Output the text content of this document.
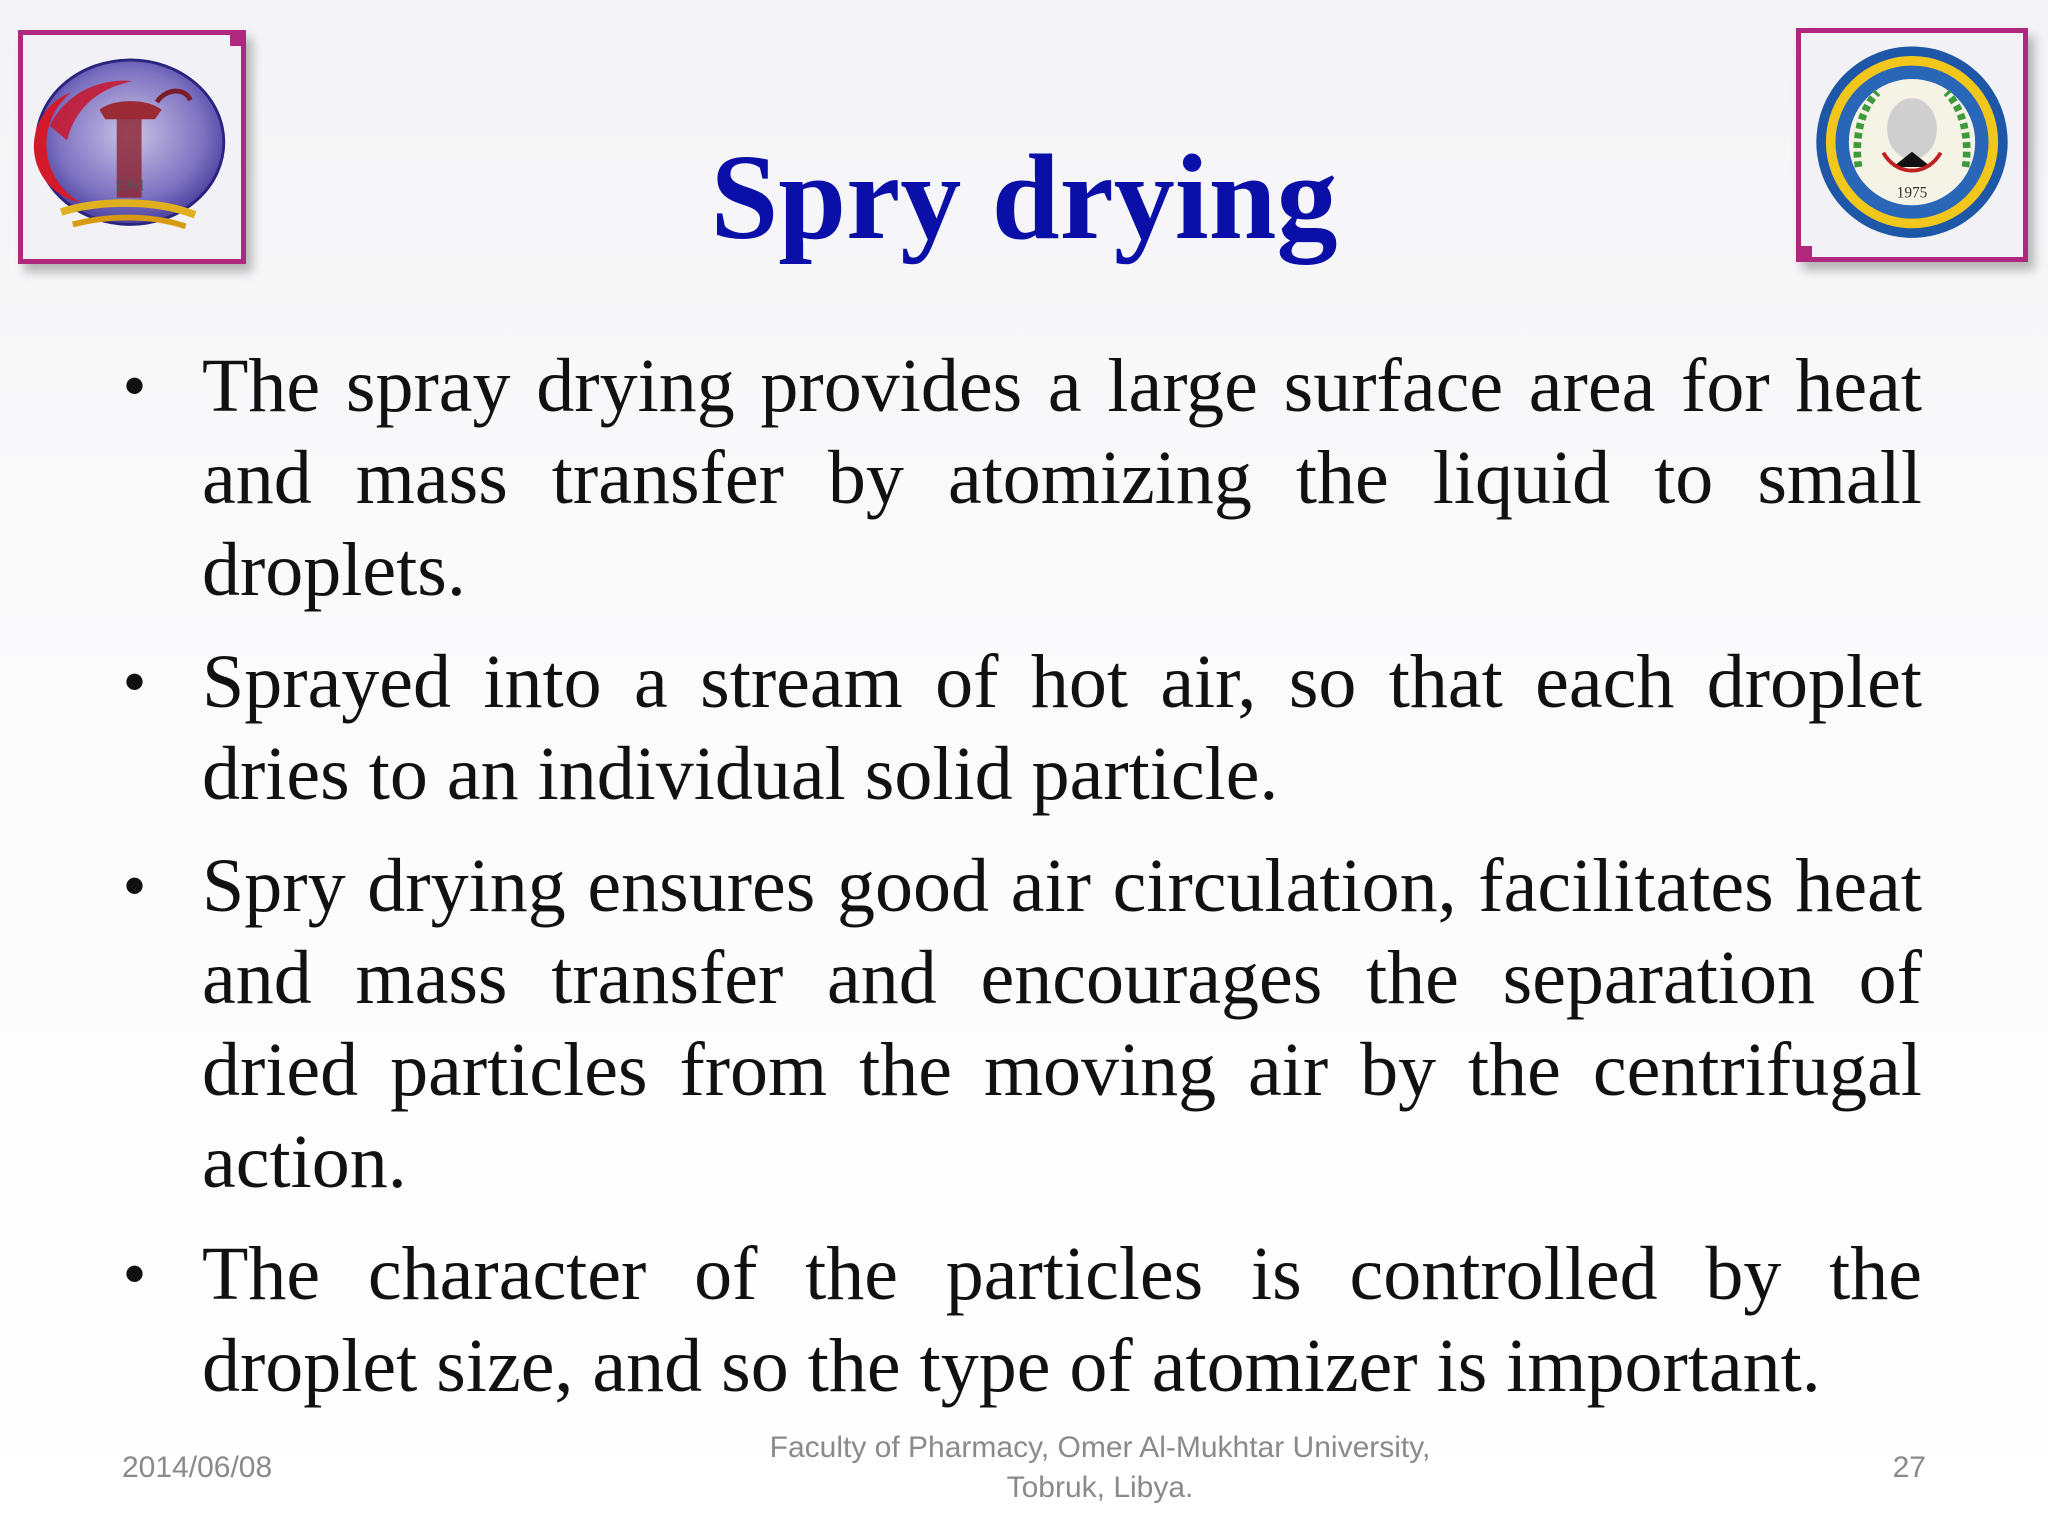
1961	1975
Spry drying
• The spray drying provides a large surface area for heat and mass transfer by atomizing the liquid to small droplets.
• Sprayed into a stream of hot air, so that each droplet dries to an individual solid particle.
• Spry drying ensures good air circulation, facilitates heat and mass transfer and encourages the separation of dried particles from the moving air by the centrifugal action.
• The character of the particles is controlled by the droplet size, and so the type of atomizer is important.
2014/06/08
Faculty of Pharmacy, Omer Al-Mukhtar University,
Tobruk, Libya.
27
